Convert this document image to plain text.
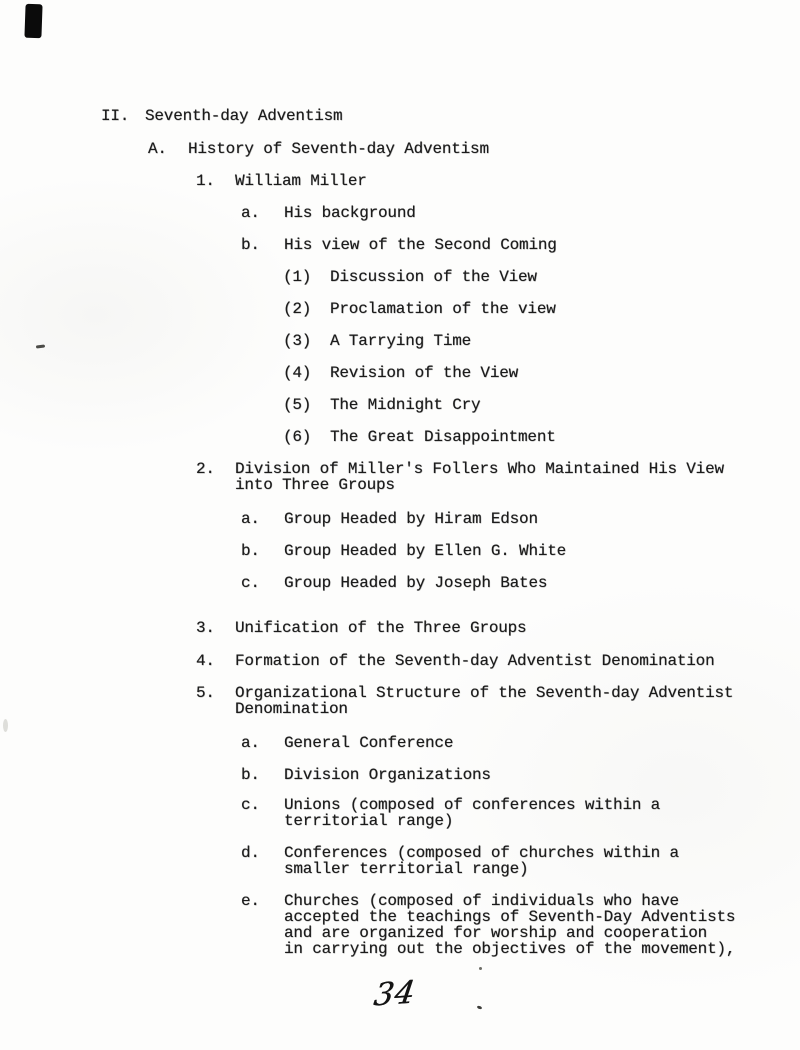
II. Seventh-day Adventism
A. History of Seventh-day Adventism
1. William Miller
a. His background
b. His view of the Second Coming
(1) Discussion of the View
(2) Proclamation of the view
(3) A Tarrying Time
(4) Revision of the View
(5) The Midnight Cry
(6) The Great Disappointment
2. Division of Miller's Follers Who Maintained His View
into Three Groups
a. Group Headed by Hiram Edson
b. Group Headed by Ellen G. White
c. Group Headed by Joseph Bates
3. Unification of the Three Groups
4. Formation of the Seventh-day Adventist Denomination
5. Organizational Structure of the Seventh-day Adventist
Denomination
a. General Conference
b. Division Organizations
c. Unions (composed of conferences within a
territorial range)
d. Conferences (composed of churches within a
smaller territorial range)
e. Churches (composed of individuals who have
accepted the teachings of Seventh-Day Adventists
and are organized for worship and cooperation
in carrying out the objectives of the movement),
34
